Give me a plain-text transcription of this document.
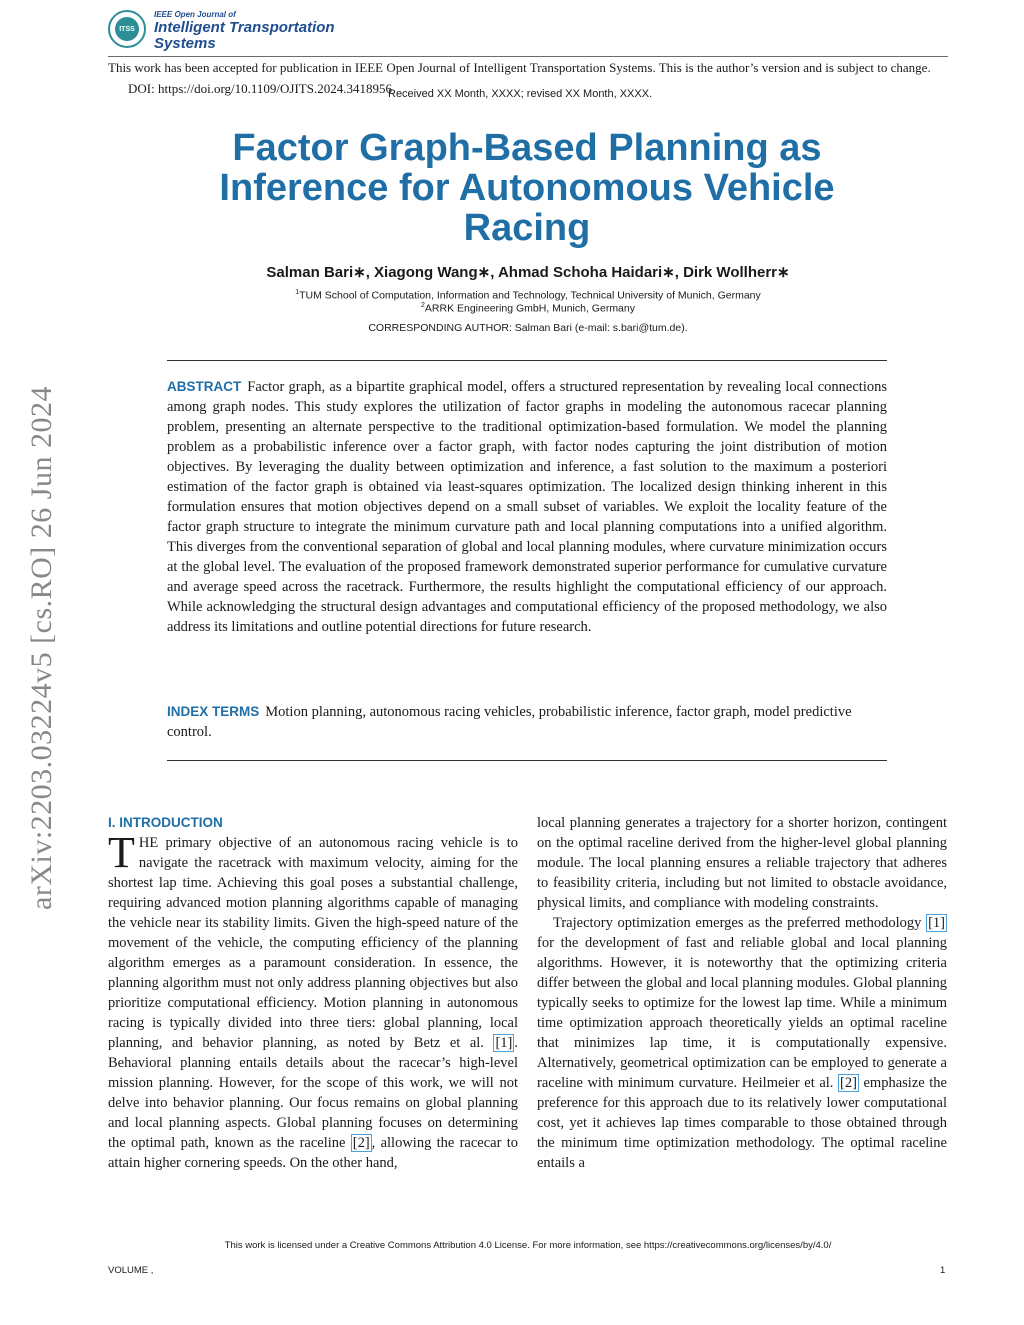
ITSS
IEEE Open Journal of
Intelligent Transportation
Systems
This work has been accepted for publication in IEEE Open Journal of Intelligent Transportation Systems. This is the author’s version and is subject to change.
DOI: https://doi.org/10.1109/OJITS.2024.3418956
Received XX Month, XXXX; revised XX Month, XXXX.
arXiv:2203.03224v5 [cs.RO] 26 Jun 2024
Factor Graph-Based Planning as Inference for Autonomous Vehicle Racing
Salman Bari∗, Xiagong Wang∗, Ahmad Schoha Haidari∗, Dirk Wollherr∗
$^1$TUM School of Computation, Information and Technology, Technical University of Munich, Germany
$^2$ARRK Engineering GmbH, Munich, Germany
CORRESPONDING AUTHOR: Salman Bari (e-mail: s.bari@tum.de).
ABSTRACT Factor graph, as a bipartite graphical model, offers a structured representation by revealing local connections among graph nodes. This study explores the utilization of factor graphs in modeling the autonomous racecar planning problem, presenting an alternate perspective to the traditional optimization-based formulation. We model the planning problem as a probabilistic inference over a factor graph, with factor nodes capturing the joint distribution of motion objectives. By leveraging the duality between optimization and inference, a fast solution to the maximum a posteriori estimation of the factor graph is obtained via least-squares optimization. The localized design thinking inherent in this formulation ensures that motion objectives depend on a small subset of variables. We exploit the locality feature of the factor graph structure to integrate the minimum curvature path and local planning computations into a unified algorithm. This diverges from the conventional separation of global and local planning modules, where curvature minimization occurs at the global level. The evaluation of the proposed framework demonstrated superior performance for cumulative curvature and average speed across the racetrack. Furthermore, the results highlight the computational efficiency of our approach. While acknowledging the structural design advantages and computational efficiency of the proposed methodology, we also address its limitations and outline potential directions for future research.
INDEX TERMS Motion planning, autonomous racing vehicles, probabilistic inference, factor graph, model predictive control.
I. INTRODUCTION

THE primary objective of an autonomous racing vehicle is to navigate the racetrack with maximum velocity, aiming for the shortest lap time. Achieving this goal poses a substantial challenge, requiring advanced motion planning algorithms capable of managing the vehicle near its stability limits. Given the high-speed nature of the movement of the vehicle, the computing efficiency of the planning algorithm emerges as a paramount consideration. In essence, the planning algorithm must not only address planning objectives but also prioritize computational efficiency. Motion planning in autonomous racing is typically divided into three tiers: global planning, local planning, and behavior planning, as noted by Betz et al. [1] . Behavioral planning entails details about the racecar’s high-level mission planning. However, for the scope of this work, we will not delve into behavior planning. Our focus remains on global planning and local planning aspects. Global planning focuses on determining the optimal path, known as the raceline [2] , allowing the racecar to attain higher cornering speeds. On the other hand,

local planning generates a trajectory for a shorter horizon, contingent on the optimal raceline derived from the higher-level global planning module. The local planning ensures a reliable trajectory that adheres to feasibility criteria, including but not limited to obstacle avoidance, physical limits, and compliance with modeling constraints.

Trajectory optimization emerges as the preferred methodology [1] for the development of fast and reliable global and local planning algorithms. However, it is noteworthy that the optimizing criteria differ between the global and local planning modules. Global planning typically seeks to optimize for the lowest lap time. While a minimum time optimization approach theoretically yields an optimal raceline that minimizes lap time, it is computationally expensive. Alternatively, geometrical optimization can be employed to generate a raceline with minimum curvature. Heilmeier et al. [2] emphasize the preference for this approach due to its relatively lower computational cost, yet it achieves lap times comparable to those obtained through the minimum time optimization methodology. The optimal raceline entails a

This work is licensed under a Creative Commons Attribution 4.0 License. For more information, see https://creativecommons.org/licenses/by/4.0/
VOLUME ,	1
